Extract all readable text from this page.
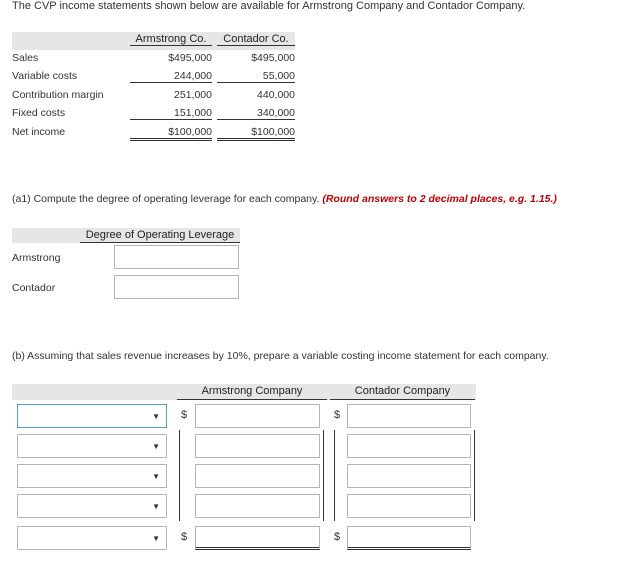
The CVP income statements shown below are available for Armstrong Company and Contador Company.
Armstrong Co.	Contador Co.
Sales	$495,000	$495,000
Variable costs	244,000	55,000
Contribution margin	251,000	440,000
Fixed costs	151,000	340,000
Net income	$100,000	$100,000
(a1) Compute the degree of operating leverage for each company. (Round answers to 2 decimal places, e.g. 1.15.)
Degree of Operating Leverage
Armstrong
Contador
(b) Assuming that sales revenue increases by 10%, prepare a variable costing income statement for each company.
Armstrong Company	Contador Company
▼ $	$
▼
▼
▼
▼ $	$
